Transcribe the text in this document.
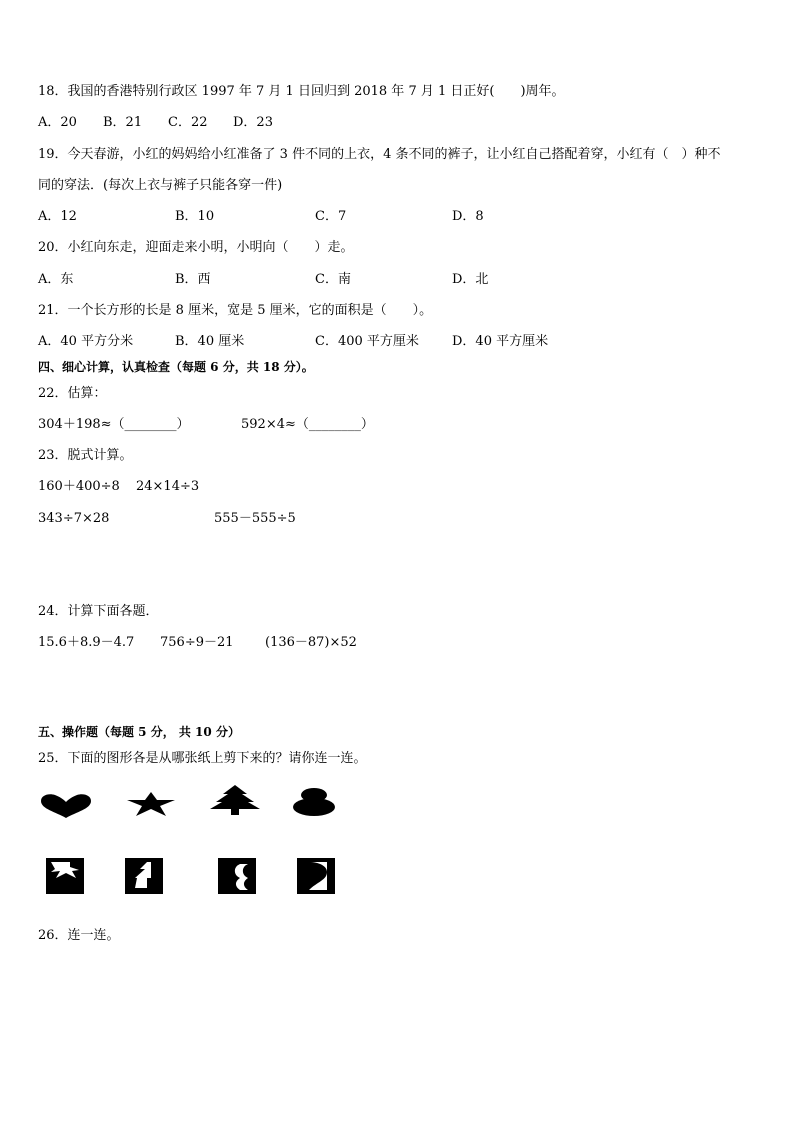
18．我国的香港特别行政区 1997 年 7 月 1 日回归到 2018 年 7 月 1 日正好(　　)周年。
A．20 B．21 C．22 D．23
19．今天春游，小红的妈妈给小红准备了 3 件不同的上衣，4 条不同的裤子，让小红自己搭配着穿，小红有（　）种不
同的穿法．(每次上衣与裤子只能各穿一件)
A．12	B．10	C．7	D．8
20．小红向东走，迎面走来小明，小明向（　　）走。
A．东	B．西	C．南	D．北
21．一个长方形的长是 8 厘米，宽是 5 厘米，它的面积是（　　）。
A．40 平方分米	B．40 厘米	C．400 平方厘米	D．40 平方厘米
四、细心计算，认真检查（每题 6 分，共 18 分）。
22．估算：
304＋198≈（________）	592×4≈（________）
23．脱式计算。
160＋400÷8 24×14÷3
343÷7×28	555－555÷5
24．计算下面各题．
15.6＋8.9－4.7 756÷9－21 (136－87)×52
五、操作题（每题 5 分， 共 10 分）
25．下面的图形各是从哪张纸上剪下来的？请你连一连。
26．连一连。
